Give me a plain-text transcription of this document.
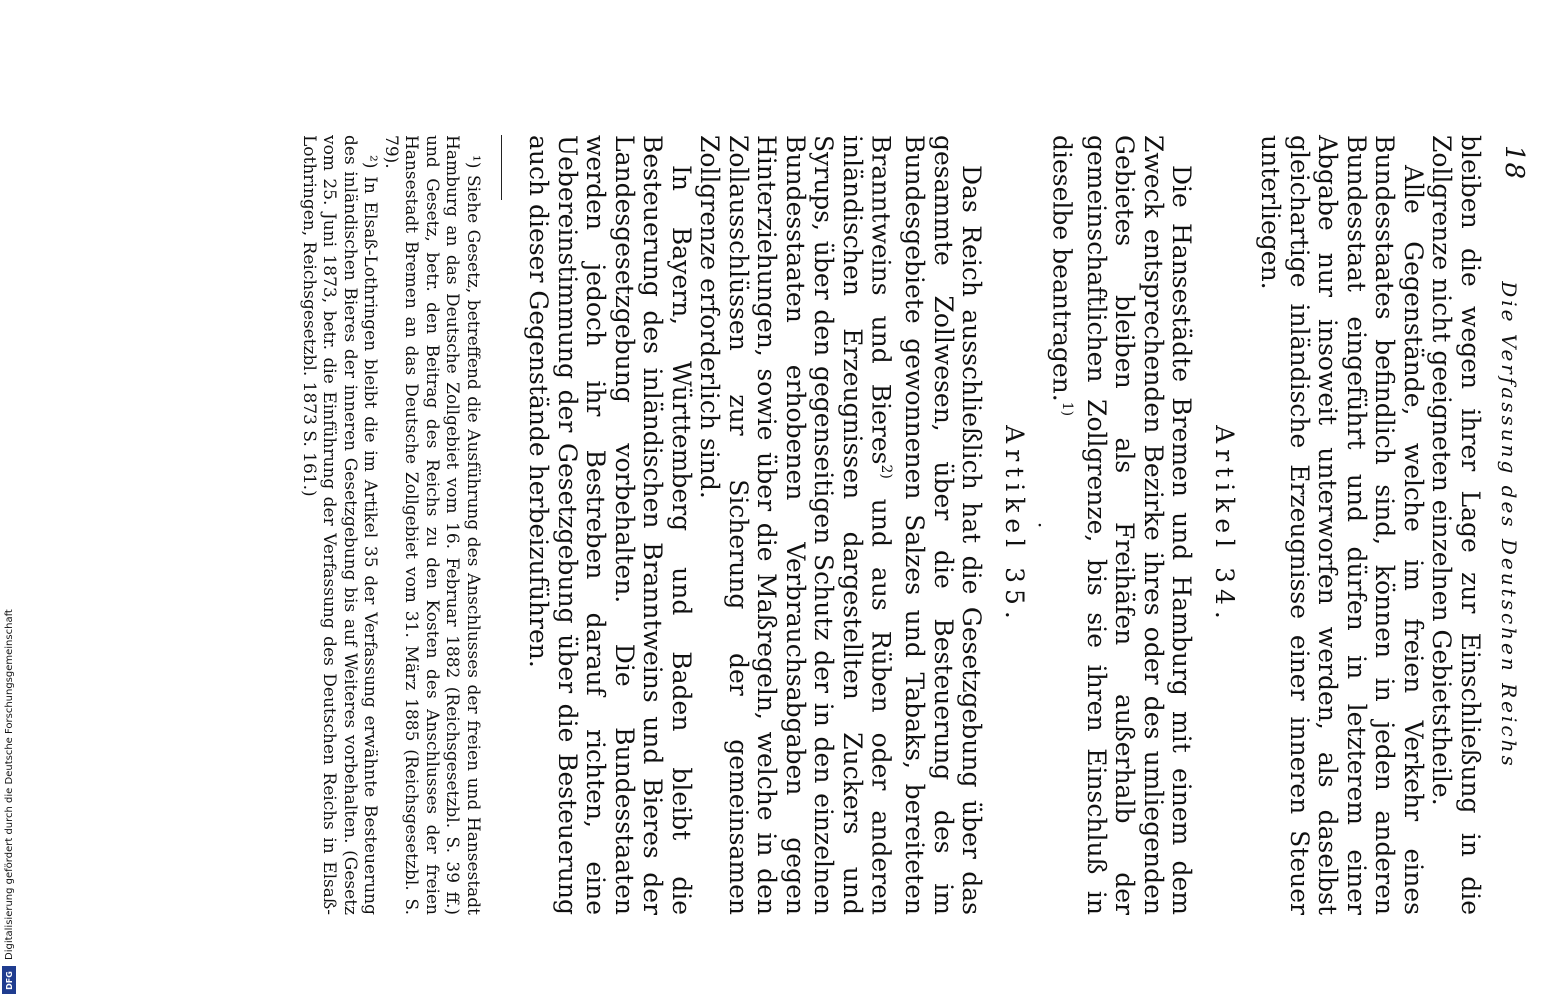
18
Die Verfassung des Deutschen Reichs

bleiben die wegen ihrer Lage zur Einschließung in die Zollgrenze nicht geeigneten einzelnen Gebietstheile.

Alle Gegenstände, welche im freien Verkehr eines Bundesstaates befindlich sind, können in jeden anderen Bundesstaat eingeführt und dürfen in letzterem einer Abgabe nur insoweit unterworfen werden, als daselbst gleichartige inländische Erzeugnisse einer inneren Steuer unterliegen.

Artikel 34.

Die Hansestädte Bremen und Hamburg mit einem dem Zweck entsprechenden Bezirke ihres oder des umliegenden Gebietes bleiben als Freihäfen außerhalb der gemeinschaftlichen Zollgrenze, bis sie ihren Einschluß in dieselbe beantragen.$^{1)}$

·
Artikel 35.

Das Reich ausschließlich hat die Gesetzgebung über das gesammte Zollwesen, über die Besteuerung des im Bundesgebiete gewonnenen Salzes und Tabaks, bereiteten Branntweins und Bieres$^{2)}$ und aus Rüben oder anderen inländischen Erzeugnissen dargestellten Zuckers und Syrups, über den gegenseitigen Schutz der in den einzelnen Bundesstaaten erhobenen Verbrauchsabgaben gegen Hinterziehungen, sowie über die Maßregeln, welche in den Zollausschlüssen zur Sicherung der gemeinsamen Zollgrenze erforderlich sind.

In Bayern, Württemberg und Baden bleibt die Besteuerung des inländischen Branntweins und Bieres der Landesgesetzgebung vorbehalten. Die Bundesstaaten werden jedoch ihr Bestreben darauf richten, eine Uebereinstimmung der Gesetzgebung über die Besteuerung auch dieser Gegenstände herbeizuführen.

¹) Siehe Gesetz, betreffend die Ausführung des Anschlusses der freien und Hansestadt Hamburg an das Deutsche Zollgebiet vom 16. Februar 1882 (Reichsgesetzbl. S. 39 ff.) und Gesetz, betr. den Beitrag des Reichs zu den Kosten des Anschlusses der freien Hansestadt Bremen an das Deutsche Zollgebiet vom 31. März 1885 (Reichsgesetzbl. S. 79).

²) In Elsaß-Lothringen bleibt die im Artikel 35 der Verfassung erwähnte Besteuerung des inländischen Bieres der inneren Gesetzgebung bis auf Weiteres vorbehalten. (Gesetz vom 25. Juni 1873, betr. die Einführung der Verfassung des Deutschen Reichs in Elsaß-Lothringen, Reichsgesetzbl. 1873 S. 161.)

Digitalisierung gefördert durch die Deutsche Forschungsgemeinschaft
DFG
